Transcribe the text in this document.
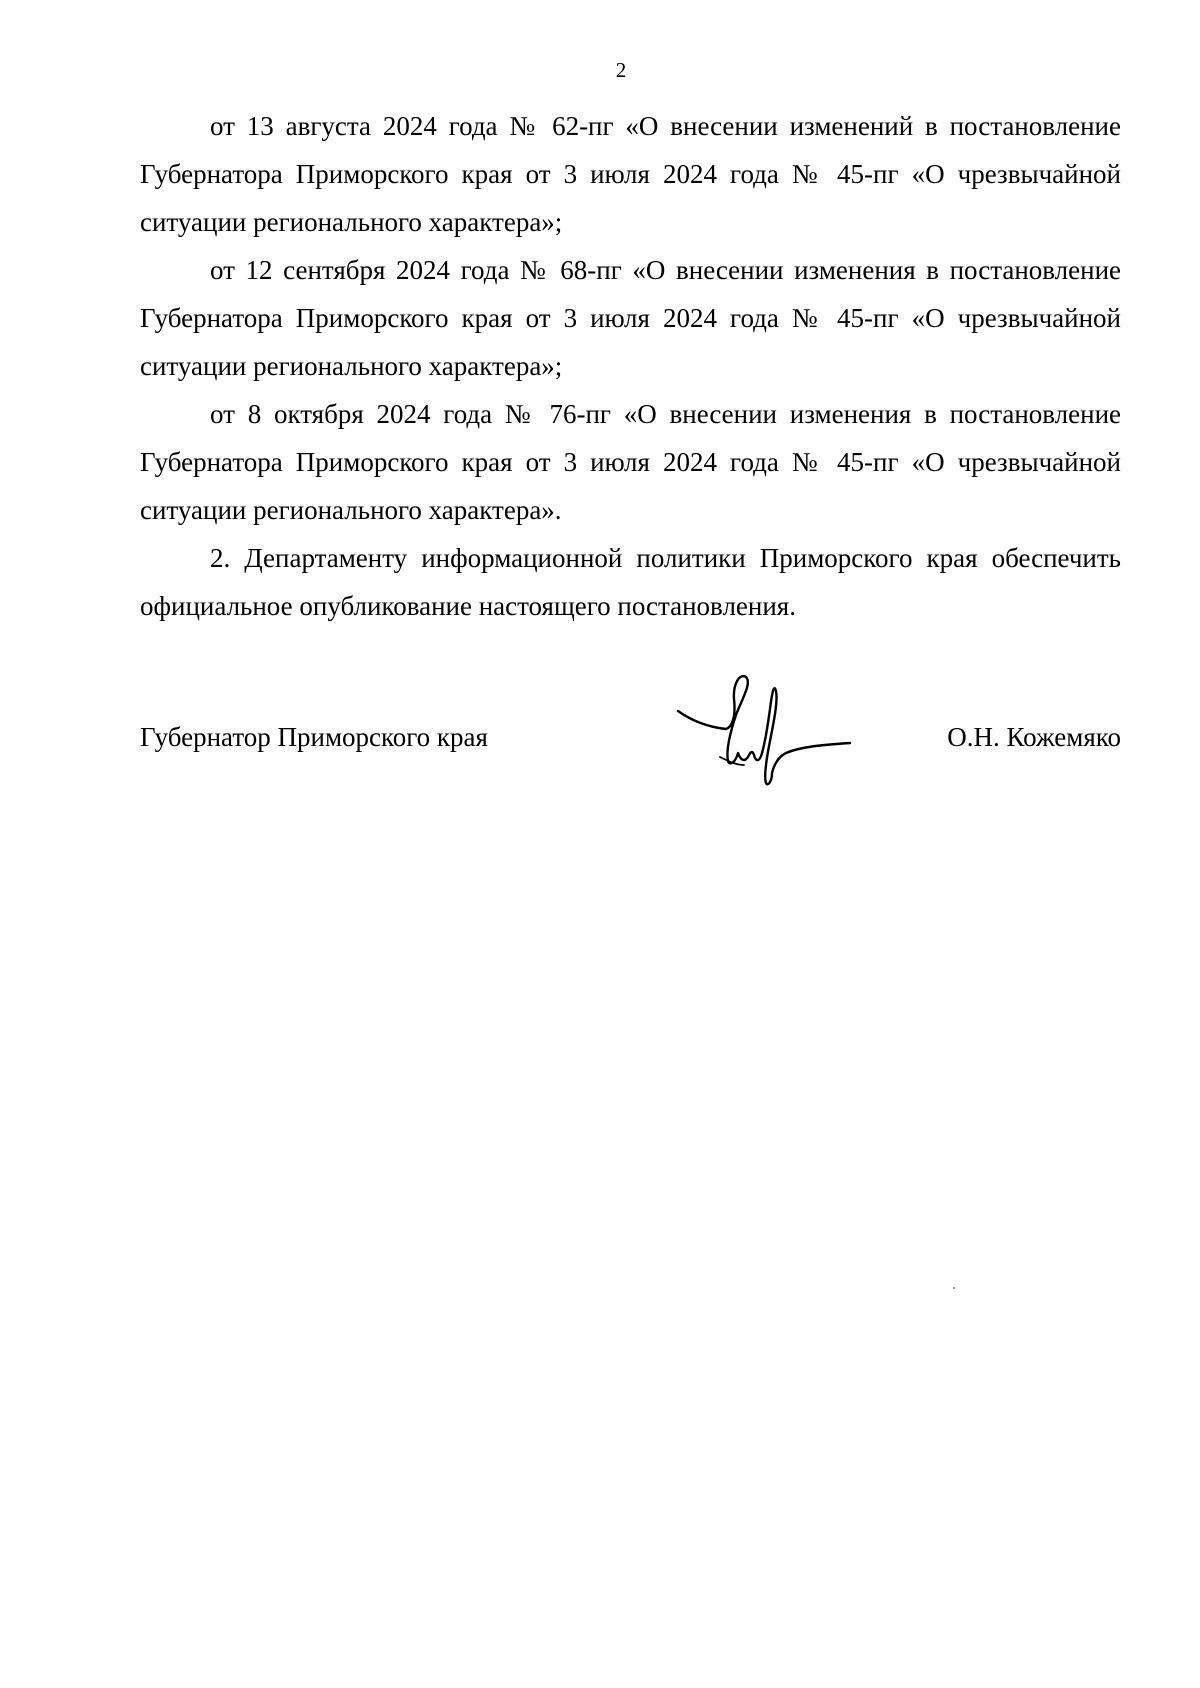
2

от 13 августа 2024 года № 62-пг «О внесении изменений в постановление Губернатора Приморского края от 3 июля 2024 года № 45-пг «О чрезвычайной ситуации регионального характера»;

от 12 сентября 2024 года № 68-пг «О внесении изменения в постановление Губернатора Приморского края от 3 июля 2024 года № 45-пг «О чрезвычайной ситуации регионального характера»;

от 8 октября 2024 года № 76-пг «О внесении изменения в постановление Губернатора Приморского края от 3 июля 2024 года № 45-пг «О чрезвычайной ситуации регионального характера».

2. Департаменту информационной политики Приморского края обеспечить официальное опубликование настоящего постановления.

Губернатор Приморского края	О.Н. Кожемяко
